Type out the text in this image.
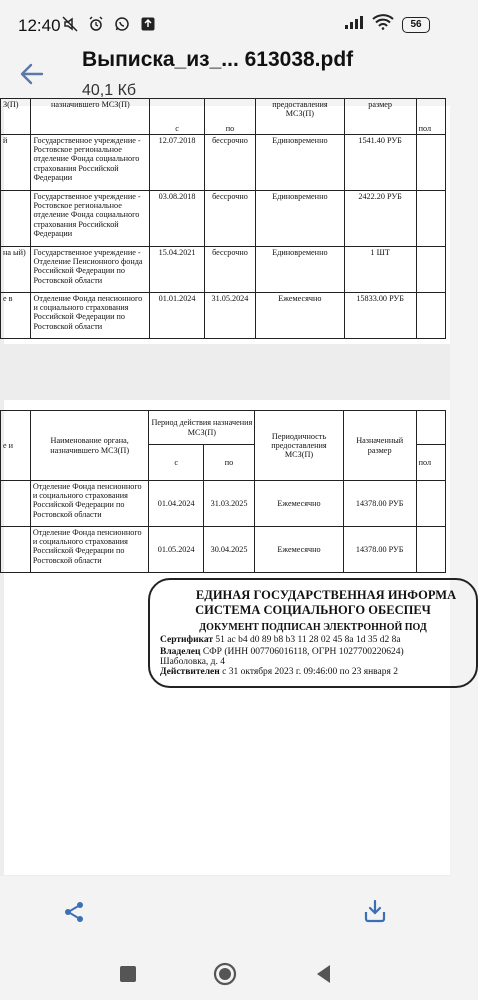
12:40	56
Выписка_из_... 613038.pdf
40,1 Кб
З(П)	назначившего МСЗ(П)	с	по	предоставления МСЗ(П)	размер	пол
й	Государственное учреждение - Ростовское региональное отделение Фонда социального страхования Российской Федерации	12.07.2018	бессрочно	Единовременно	1541.40 РУБ	
	Государственное учреждение - Ростовское региональное отделение Фонда социального страхования Российской Федерации	03.08.2018	бессрочно	Единовременно	2422.20 РУБ	
на ый)	Государственное учреждение - Отделение Пенсионного фонда Российской Федерации по Ростовской области	15.04.2021	бессрочно	Единовременно	1 ШТ	
е в	Отделение Фонда пенсионного и социального страхования Российской Федерации по Ростовской области	01.01.2024	31.05.2024	Ежемесячно	15833.00 РУБ	
е и	Наименование органа, назначившего МСЗ(П)	Период действия назначения МСЗ(П)		Периодичность предоставления МСЗ(П)	Назначенный размер	
		с	по			пол
	Отделение Фонда пенсионного и социального страхования Российской Федерации по Ростовской области	01.04.2024	31.03.2025	Ежемесячно	14378.00 РУБ	
	Отделение Фонда пенсионного и социального страхования Российской Федерации по Ростовской области	01.05.2024	30.04.2025	Ежемесячно	14378.00 РУБ	
ЕДИНАЯ ГОСУДАРСТВЕННАЯ ИНФОРМА
СИСТЕМА СОЦИАЛЬНОГО ОБЕСПЕЧ
ДОКУМЕНТ ПОДПИСАН ЭЛЕКТРОННОЙ ПОД
Сертификат 51 ac b4 d0 89 b8 b3 11 28 02 45 8a 1d 35 d2 8a
Владелец СФР (ИНН 007706016118, ОГРН 1027700220624)
Шаболовка, д. 4
Действителен с 31 октября 2023 г. 09:46:00 по 23 января 2
